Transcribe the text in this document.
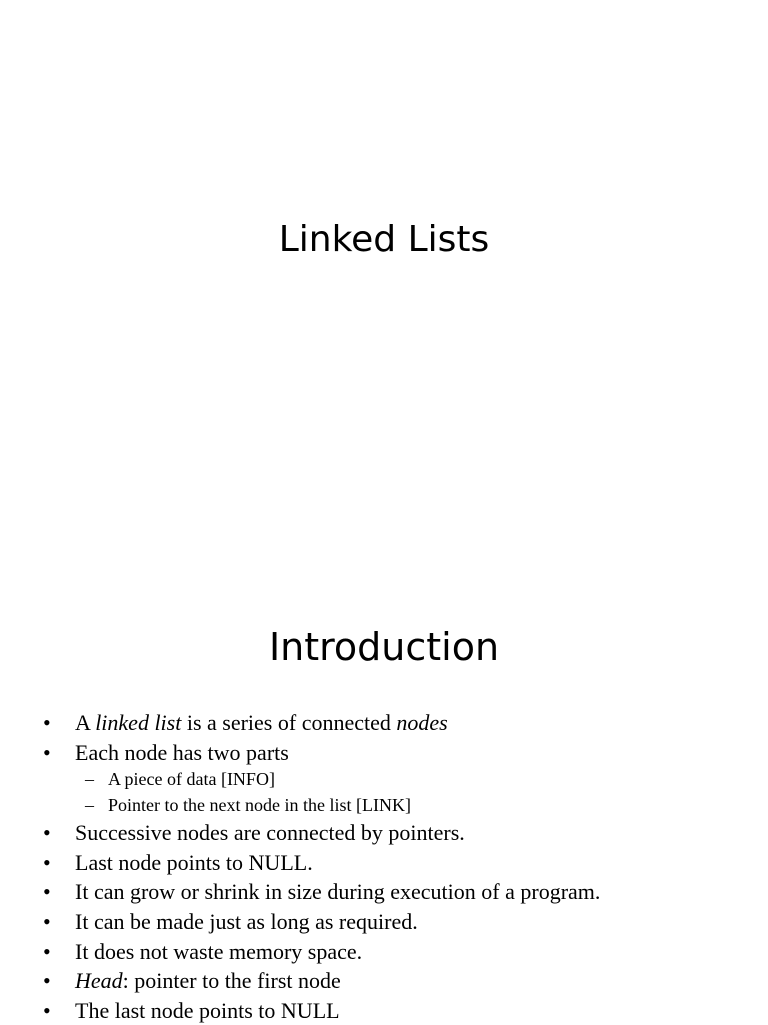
Linked Lists
Introduction
• A linked list is a series of connected nodes
• Each node has two parts
– A piece of data [INFO]
– Pointer to the next node in the list [LINK]
• Successive nodes are connected by pointers.
• Last node points to NULL.
• It can grow or shrink in size during execution of a program.
• It can be made just as long as required.
• It does not waste memory space.
• Head: pointer to the first node
• The last node points to NULL
